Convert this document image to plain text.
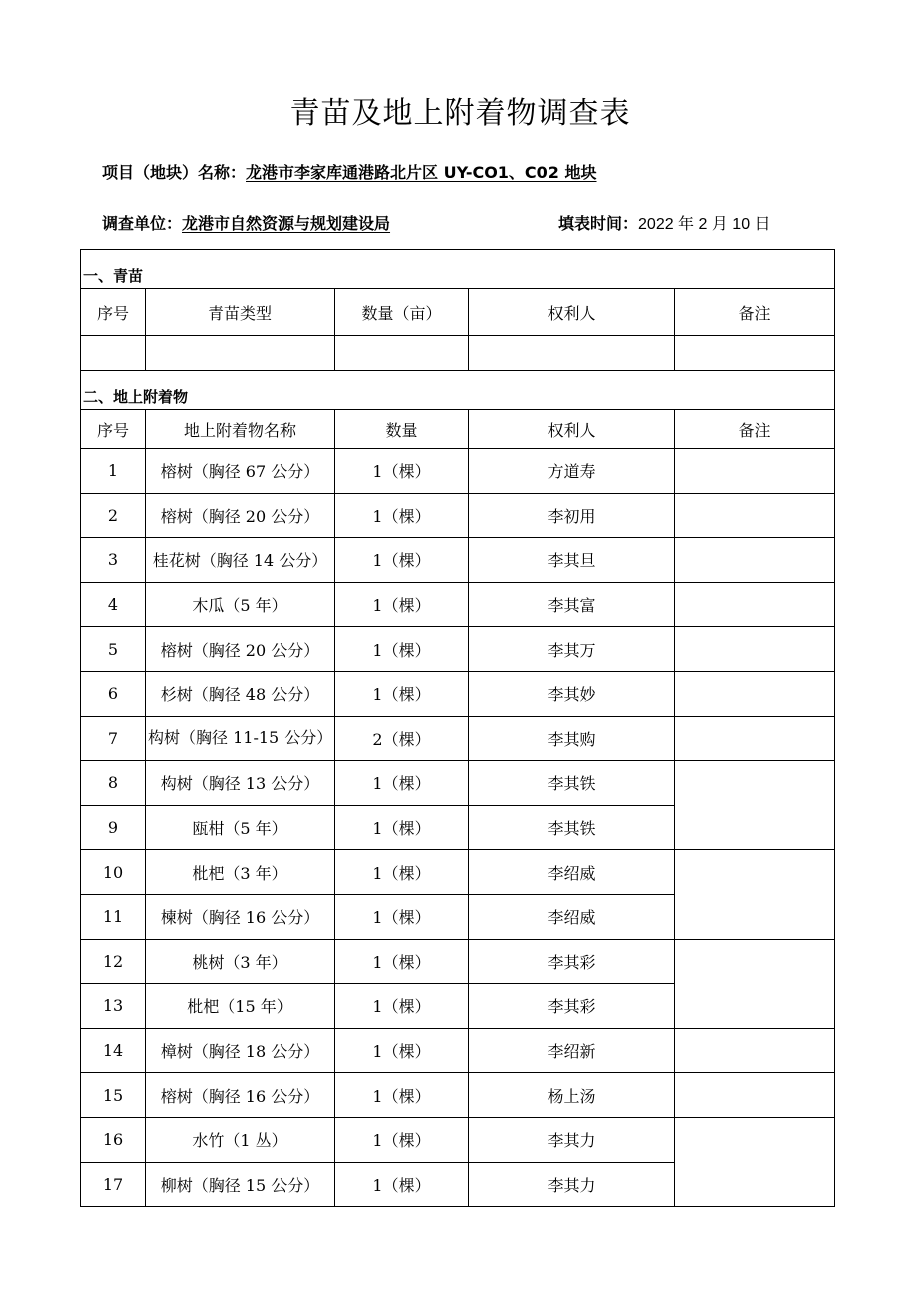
青苗及地上附着物调查表
项目（地块）名称：龙港市李家库通港路北片区 UY-CO1、C02 地块
调查单位：龙港市自然资源与规划建设局	填表时间：2022 年 2 月 10 日
一、青苗				
序号	青苗类型	数量（亩）	权利人	备注

二、地上附着物				
序号	地上附着物名称	数量	权利人	备注
1	榕树（胸径 67 公分）	1（棵）	方道寿	
2	榕树（胸径 20 公分）	1（棵）	李初用	
3	桂花树（胸径 14 公分）	1（棵）	李其旦	
4	木瓜（5 年）	1（棵）	李其富	
5	榕树（胸径 20 公分）	1（棵）	李其万	
6	杉树（胸径 48 公分）	1（棵）	李其妙	
7	构树（胸径 11-15 公分）	2（棵）	李其购	
8	构树（胸径 13 公分）	1（棵）	李其铁	
9	瓯柑（5 年）	1（棵）	李其铁	
10	枇杷（3 年）	1（棵）	李绍威	
11	楝树（胸径 16 公分）	1（棵）	李绍威	
12	桃树（3 年）	1（棵）	李其彩	
13	枇杷（15 年）	1（棵）	李其彩	
14	樟树（胸径 18 公分）	1（棵）	李绍新	
15	榕树（胸径 16 公分）	1（棵）	杨上汤	
16	水竹（1 丛）	1（棵）	李其力	
17	柳树（胸径 15 公分）	1（棵）	李其力	
